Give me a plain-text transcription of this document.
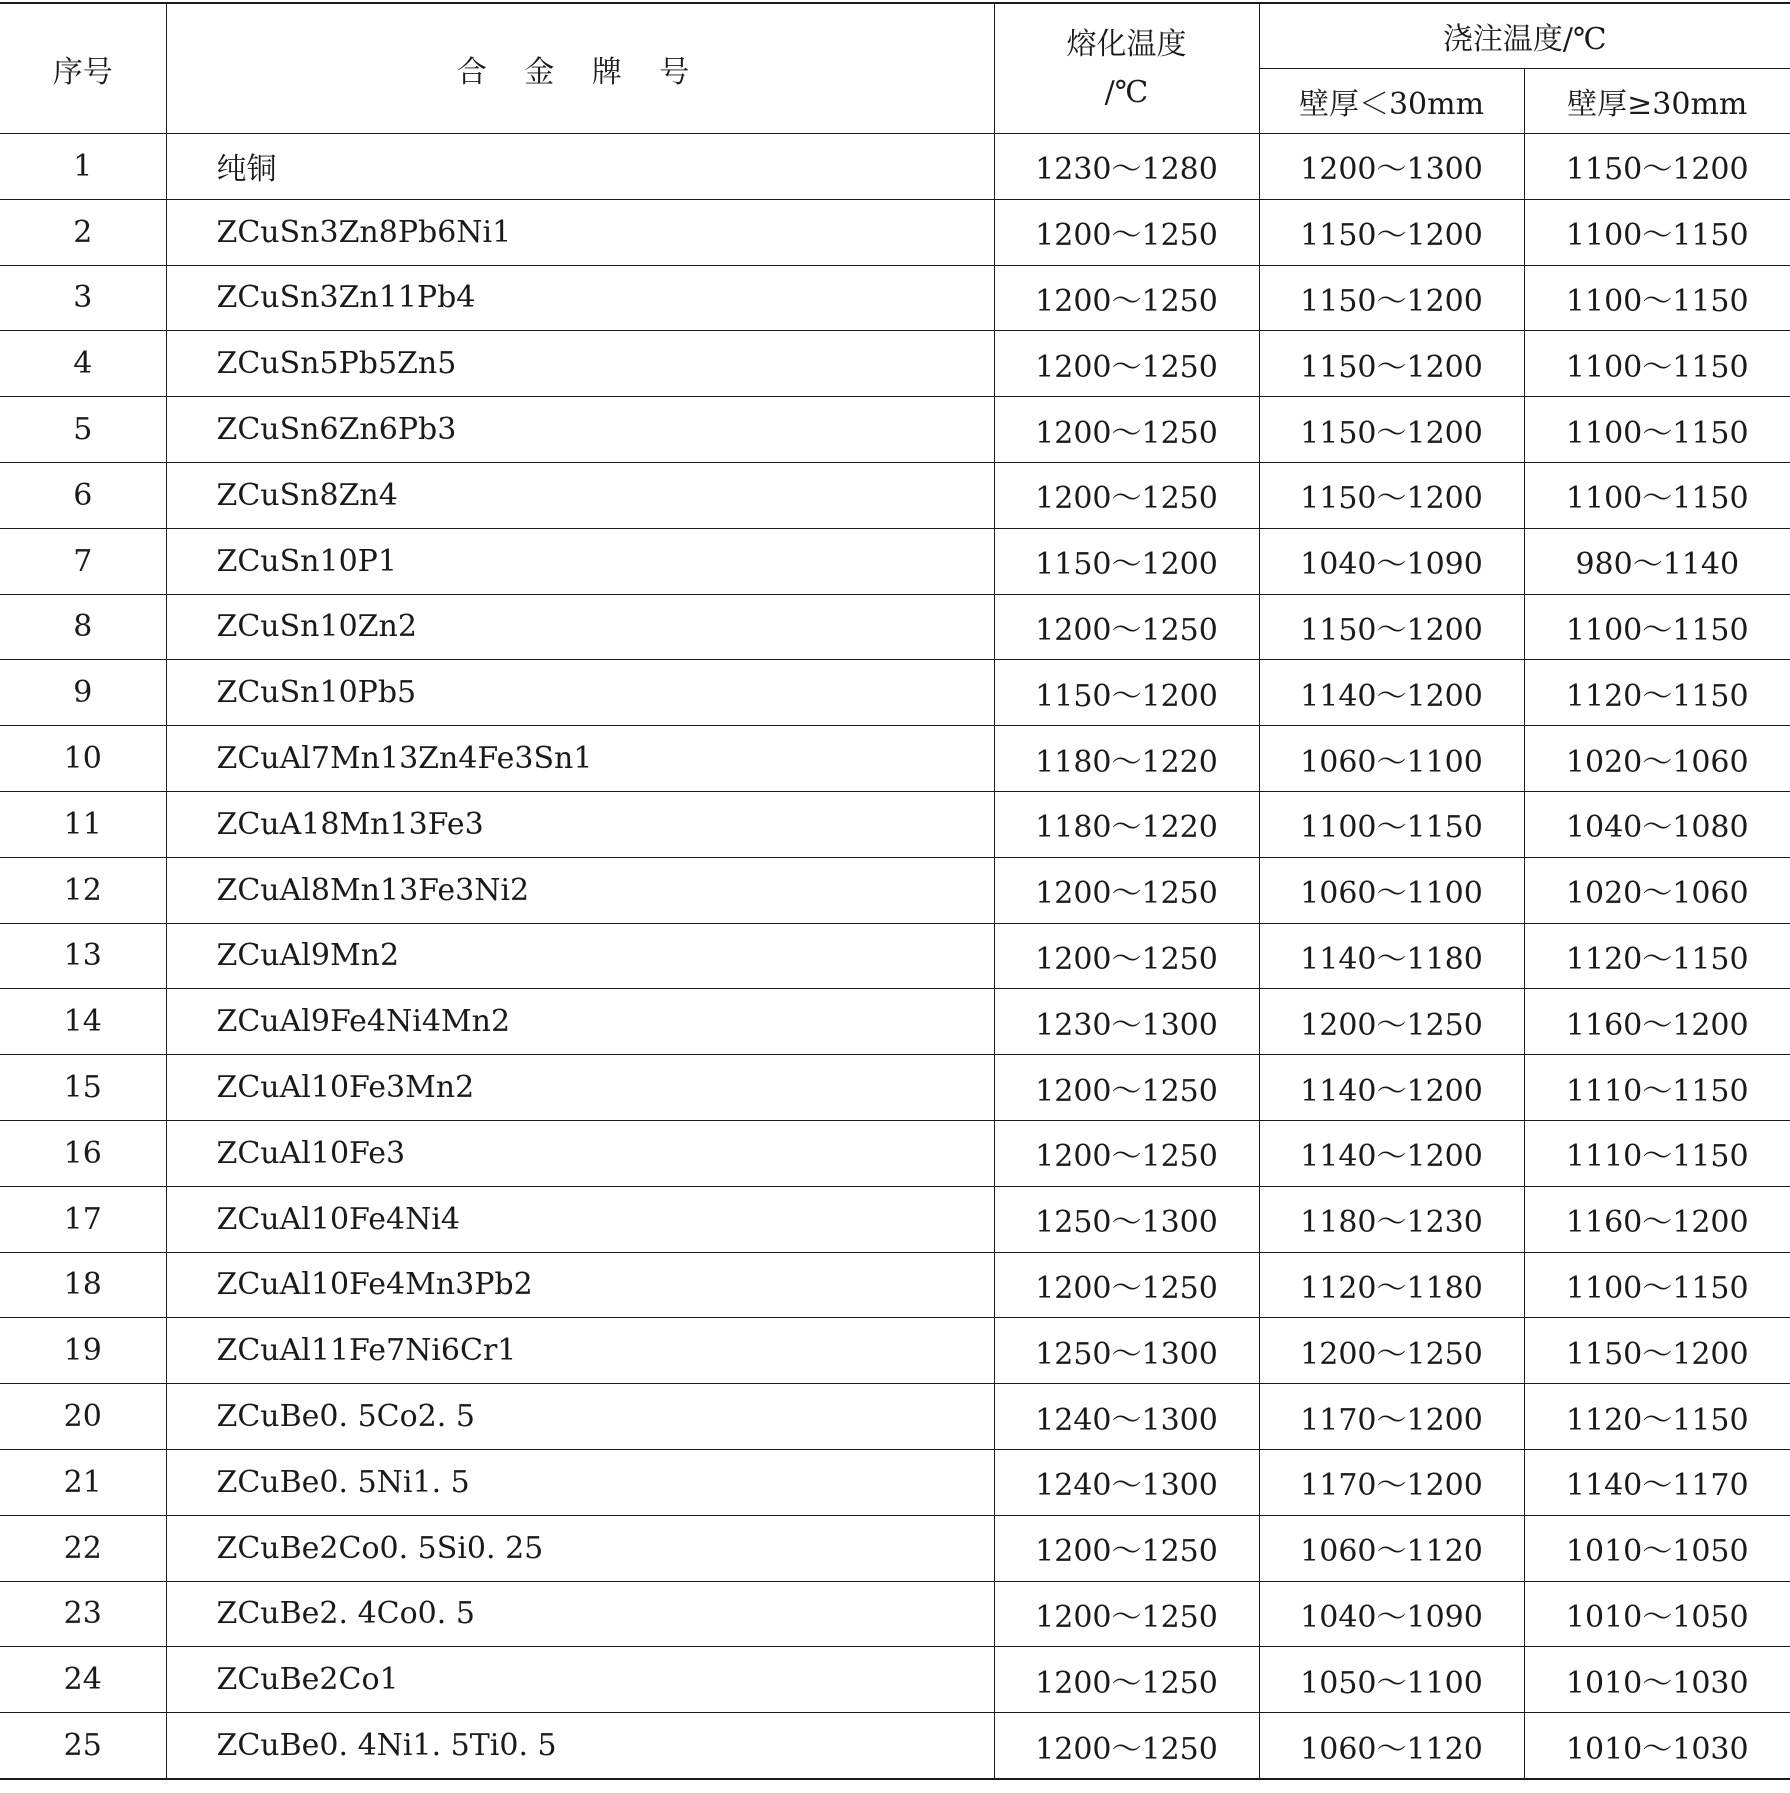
序号	合 金 牌 号	熔化温度
/℃	浇注温度/℃	
			壁厚＜30mm	壁厚≥30mm
1	纯铜	1230～1280	1200～1300	1150～1200
2	ZCuSn3Zn8Pb6Ni1	1200～1250	1150～1200	1100～1150
3	ZCuSn3Zn11Pb4	1200～1250	1150～1200	1100～1150
4	ZCuSn5Pb5Zn5	1200～1250	1150～1200	1100～1150
5	ZCuSn6Zn6Pb3	1200～1250	1150～1200	1100～1150
6	ZCuSn8Zn4	1200～1250	1150～1200	1100～1150
7	ZCuSn10P1	1150～1200	1040～1090	980～1140
8	ZCuSn10Zn2	1200～1250	1150～1200	1100～1150
9	ZCuSn10Pb5	1150～1200	1140～1200	1120～1150
10	ZCuAl7Mn13Zn4Fe3Sn1	1180～1220	1060～1100	1020～1060
11	ZCuA18Mn13Fe3	1180～1220	1100～1150	1040～1080
12	ZCuAl8Mn13Fe3Ni2	1200～1250	1060～1100	1020～1060
13	ZCuAl9Mn2	1200～1250	1140～1180	1120～1150
14	ZCuAl9Fe4Ni4Mn2	1230～1300	1200～1250	1160～1200
15	ZCuAl10Fe3Mn2	1200～1250	1140～1200	1110～1150
16	ZCuAl10Fe3	1200～1250	1140～1200	1110～1150
17	ZCuAl10Fe4Ni4	1250～1300	1180～1230	1160～1200
18	ZCuAl10Fe4Mn3Pb2	1200～1250	1120～1180	1100～1150
19	ZCuAl11Fe7Ni6Cr1	1250～1300	1200～1250	1150～1200
20	ZCuBe0. 5Co2. 5	1240～1300	1170～1200	1120～1150
21	ZCuBe0. 5Ni1. 5	1240～1300	1170～1200	1140～1170
22	ZCuBe2Co0. 5Si0. 25	1200～1250	1060～1120	1010～1050
23	ZCuBe2. 4Co0. 5	1200～1250	1040～1090	1010～1050
24	ZCuBe2Co1	1200～1250	1050～1100	1010～1030
25	ZCuBe0. 4Ni1. 5Ti0. 5	1200～1250	1060～1120	1010～1030
